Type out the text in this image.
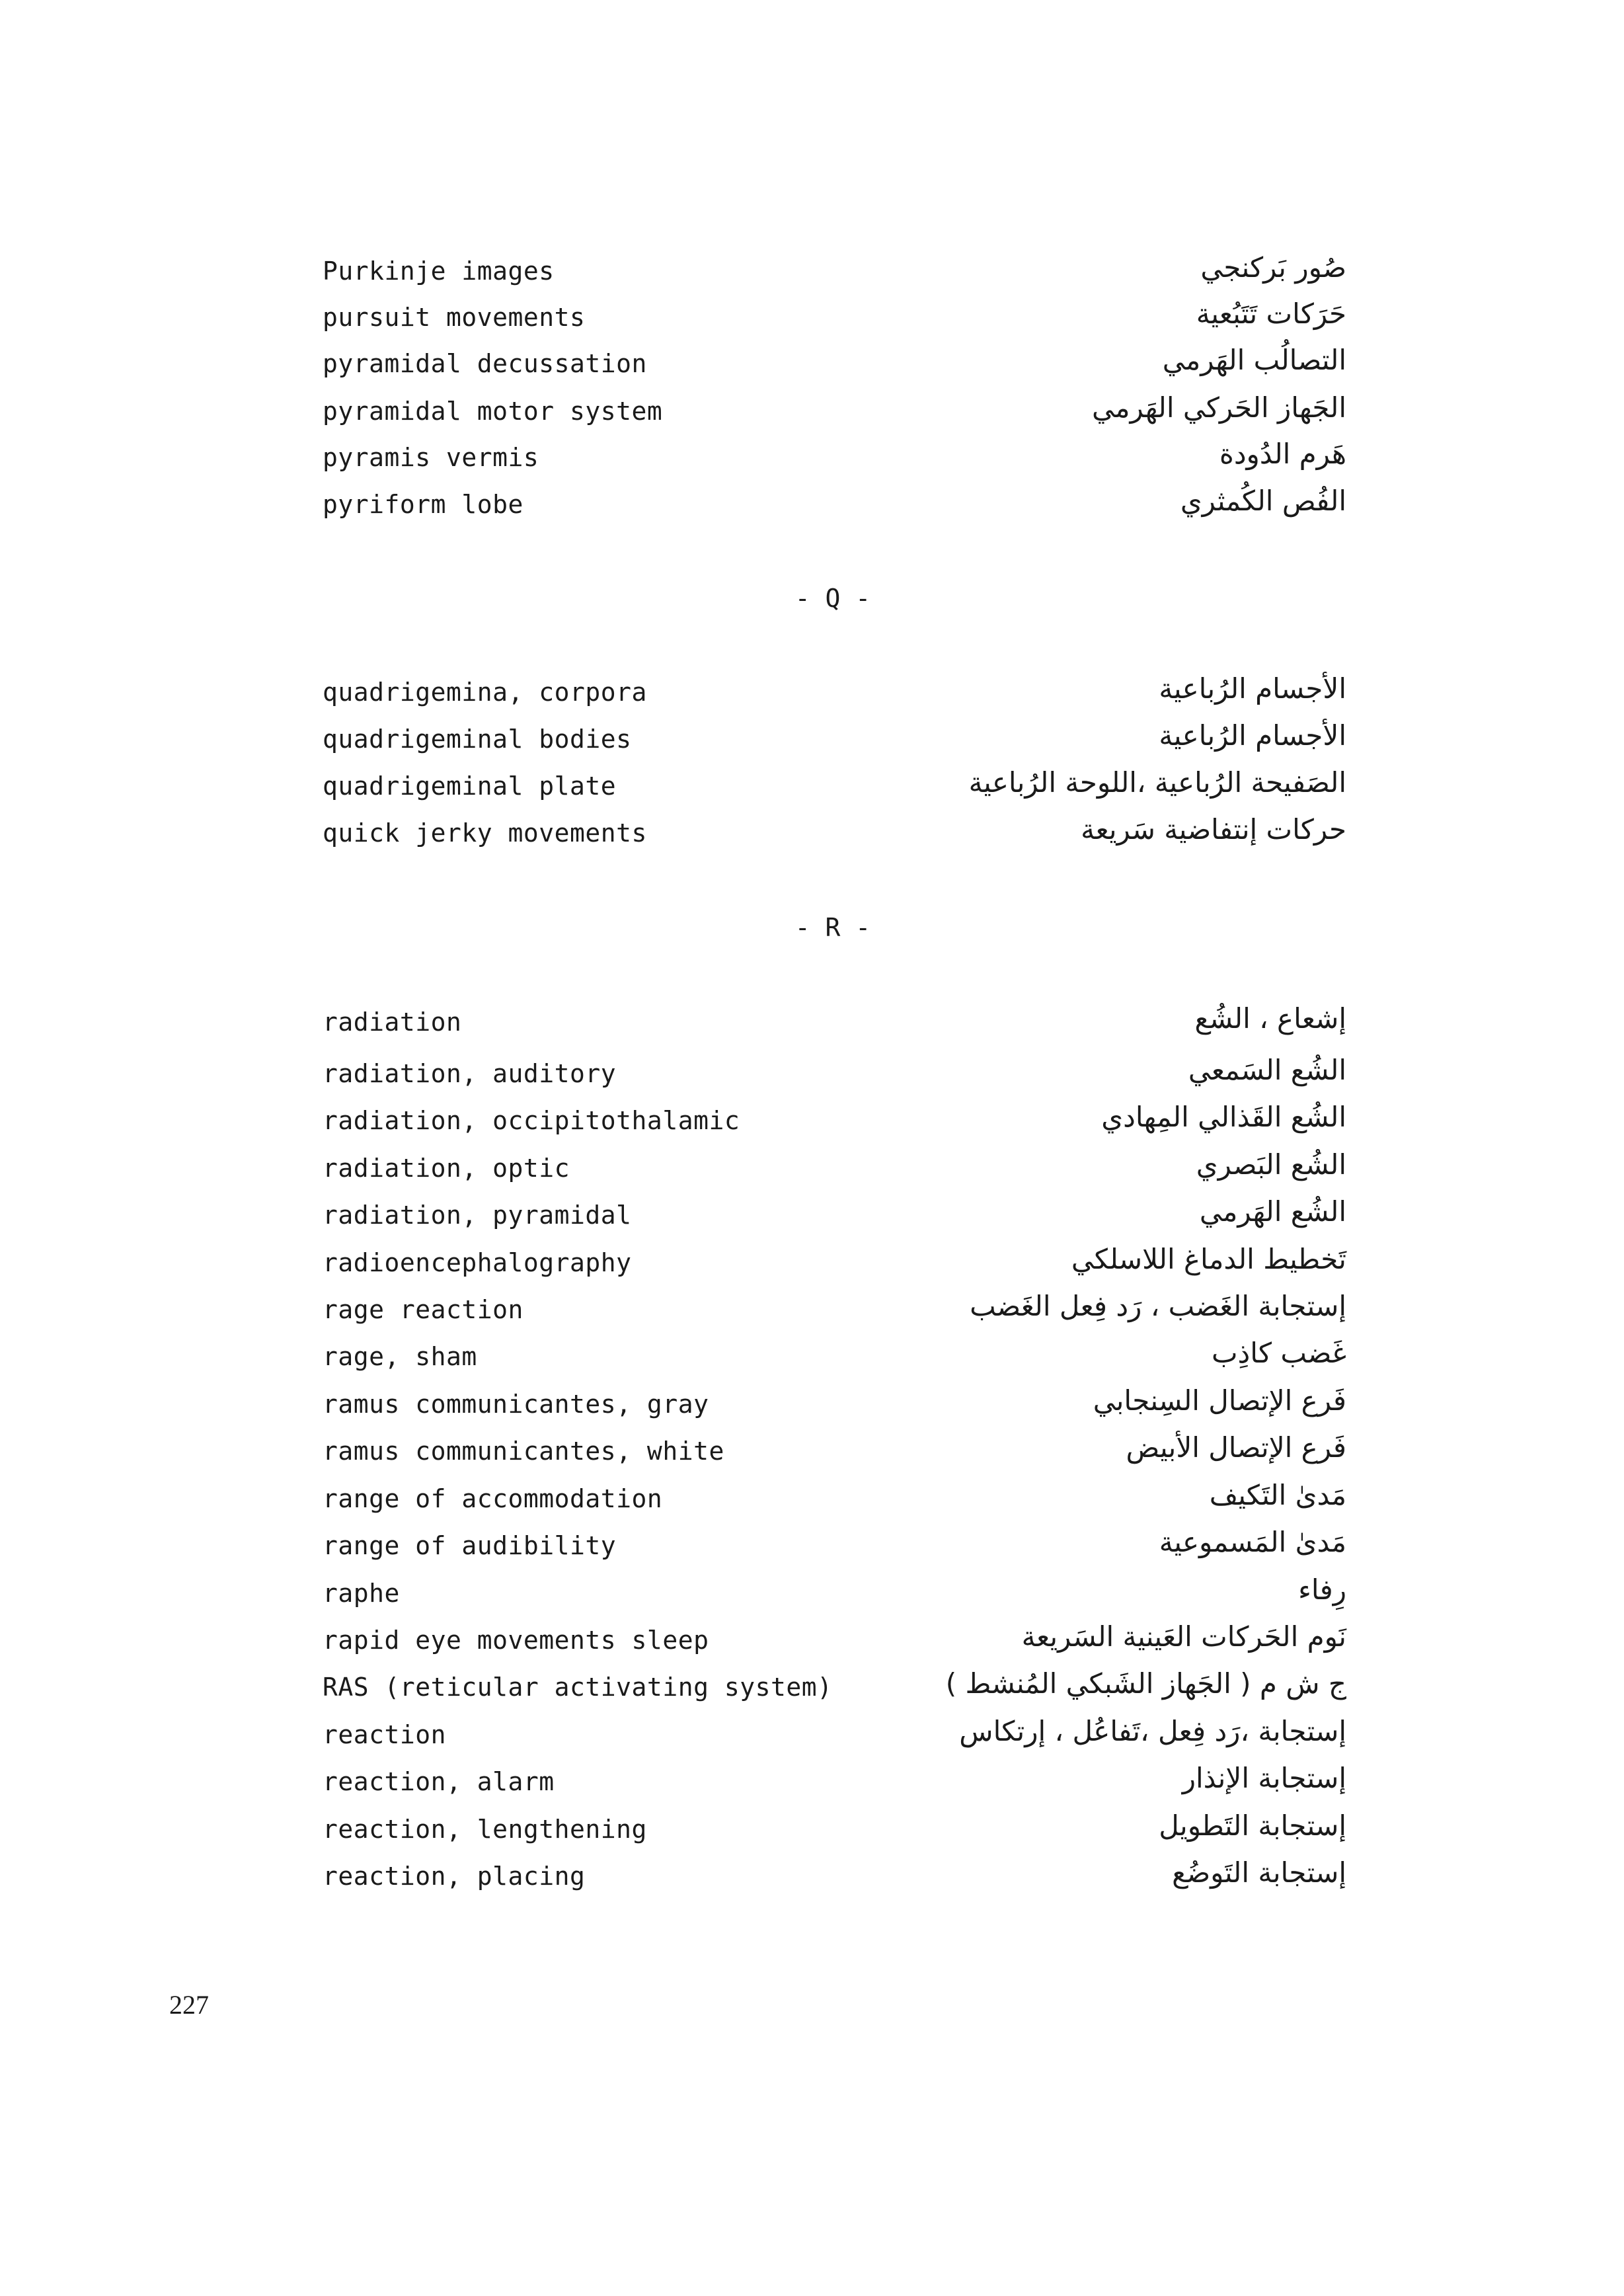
Purkinje images
pursuit movements
pyramidal decussation
pyramidal motor system
pyramis vermis
pyriform lobe
quadrigemina, corpora
quadrigeminal bodies
quadrigeminal plate
quick jerky movements
radiation
radiation, auditory
radiation, occipitothalamic
radiation, optic
radiation, pyramidal
radioencephalography
rage reaction
rage, sham
ramus communicantes, gray
ramus communicantes, white
range of accommodation
range of audibility
raphe
rapid eye movements sleep
RAS (reticular activating system)
reaction
reaction, alarm
reaction, lengthening
reaction, placing
صُور بَركنجي
حَرَكات تَتَبُعية
التصالُب الهَرمي
الجَهاز الحَركي الهَرمي
هَرم الدُودة
الفُص الكُمثري
الأجسام الرُباعية
الأجسام الرُباعية
الصَفيحة الرُباعية ،اللوحة الرُباعية
حركات إنتفاضية سَريعة
إشعاع ، الشُع
الشُع السَمعي
الشُع القَذالي المِهادي
الشُع البَصري
الشُع الهَرمي
تَخطيط الدماغ اللاسلكي
إستجابة الغَضب ، رَد فِعل الغَضب
غَضب كاذِب
فَرع الإتصال السِنجابي
فَرع الإتصال الأبيض
مَدىٰ التَكيف
مَدىٰ المَسموعية
رِفاء
نَوم الحَركات العَينية السَريعة
ج ش م ( الجَهاز الشَبكي المُنشط )
إستجابة ،رَد فِعل ،تَفاعُل ، إرتكاس
إستجابة الإنذار
إستجابة التَطويل
إستجابة التَوضُع
- Q -
- R -
227
